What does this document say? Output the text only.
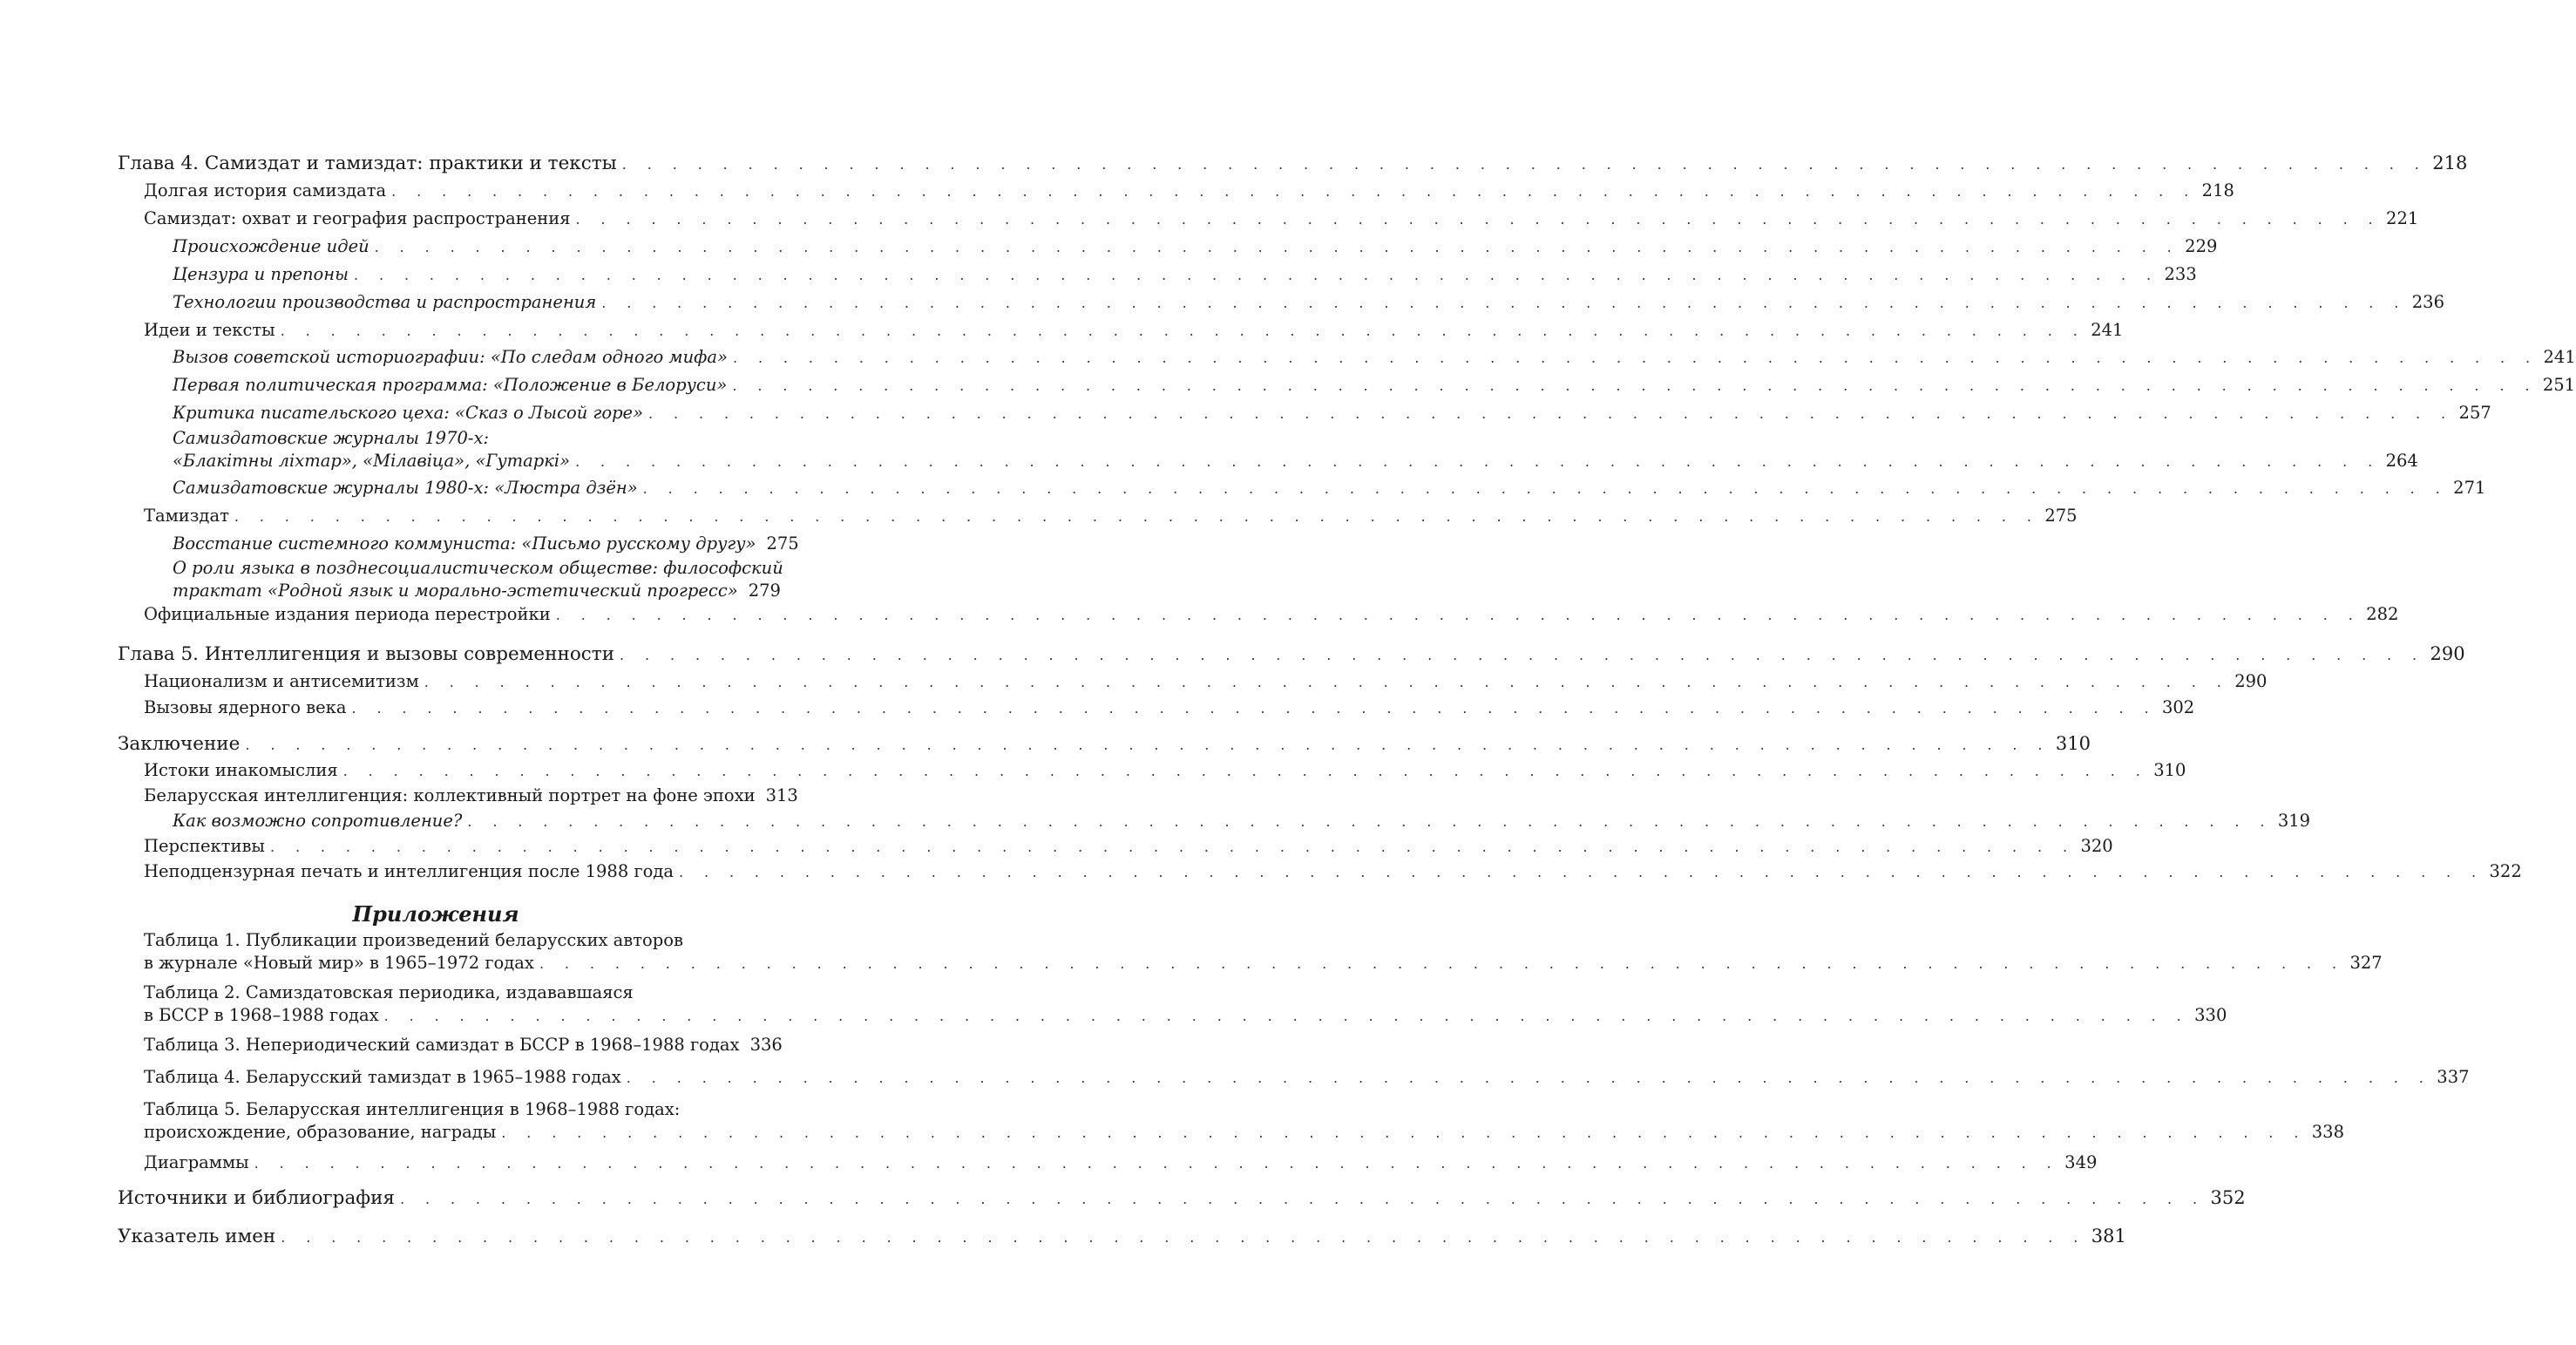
Глава 4. Самиздат и тамиздат: практики и тексты . . . . . . . . . . . . . . . . . . . . . . . . . . . . . . . . . . . . . . . . . . . . . . . . . . . . . . . . . . . . . . . . . . . . . . . . 218
Долгая история самиздата . . . . . . . . . . . . . . . . . . . . . . . . . . . . . . . . . . . . . . . . . . . . . . . . . . . . . . . . . . . . . . . . . . . . . . . . 218
Самиздат: охват и география распространения . . . . . . . . . . . . . . . . . . . . . . . . . . . . . . . . . . . . . . . . . . . . . . . . . . . . . . . . . . . . . . . . . . . . . . . . 221
Происхождение идей . . . . . . . . . . . . . . . . . . . . . . . . . . . . . . . . . . . . . . . . . . . . . . . . . . . . . . . . . . . . . . . . . . . . . . . . 229
Цензура и препоны . . . . . . . . . . . . . . . . . . . . . . . . . . . . . . . . . . . . . . . . . . . . . . . . . . . . . . . . . . . . . . . . . . . . . . . . 233
Технологии производства и распространения . . . . . . . . . . . . . . . . . . . . . . . . . . . . . . . . . . . . . . . . . . . . . . . . . . . . . . . . . . . . . . . . . . . . . . . . 236
Идеи и тексты . . . . . . . . . . . . . . . . . . . . . . . . . . . . . . . . . . . . . . . . . . . . . . . . . . . . . . . . . . . . . . . . . . . . . . . . 241
Вызов советской историографии: «По следам одного мифа» . . . . . . . . . . . . . . . . . . . . . . . . . . . . . . . . . . . . . . . . . . . . . . . . . . . . . . . . . . . . . . . . . . . . . . . . 241
Первая политическая программа: «Положение в Белоруси» . . . . . . . . . . . . . . . . . . . . . . . . . . . . . . . . . . . . . . . . . . . . . . . . . . . . . . . . . . . . . . . . . . . . . . . . 251
Критика писательского цеха: «Сказ о Лысой горе» . . . . . . . . . . . . . . . . . . . . . . . . . . . . . . . . . . . . . . . . . . . . . . . . . . . . . . . . . . . . . . . . . . . . . . . . 257
Самиздатовские журналы 1970-х:
«Блакітны ліхтар», «Мілавіца», «Гутаркі» . . . . . . . . . . . . . . . . . . . . . . . . . . . . . . . . . . . . . . . . . . . . . . . . . . . . . . . . . . . . . . . . . . . . . . . . 264
Самиздатовские журналы 1980-х: «Люстра дзён» . . . . . . . . . . . . . . . . . . . . . . . . . . . . . . . . . . . . . . . . . . . . . . . . . . . . . . . . . . . . . . . . . . . . . . . . 271
Тамиздат . . . . . . . . . . . . . . . . . . . . . . . . . . . . . . . . . . . . . . . . . . . . . . . . . . . . . . . . . . . . . . . . . . . . . . . . 275
Восстание системного коммуниста: «Письмо русскому другу» 275
О роли языка в позднесоциалистическом обществе: философский
трактат «Родной язык и морально-эстетический прогресс» 279
Официальные издания периода перестройки . . . . . . . . . . . . . . . . . . . . . . . . . . . . . . . . . . . . . . . . . . . . . . . . . . . . . . . . . . . . . . . . . . . . . . . . 282
Глава 5. Интеллигенция и вызовы современности . . . . . . . . . . . . . . . . . . . . . . . . . . . . . . . . . . . . . . . . . . . . . . . . . . . . . . . . . . . . . . . . . . . . . . . . 290
Национализм и антисемитизм . . . . . . . . . . . . . . . . . . . . . . . . . . . . . . . . . . . . . . . . . . . . . . . . . . . . . . . . . . . . . . . . . . . . . . . . 290
Вызовы ядерного века . . . . . . . . . . . . . . . . . . . . . . . . . . . . . . . . . . . . . . . . . . . . . . . . . . . . . . . . . . . . . . . . . . . . . . . . 302
Заключение . . . . . . . . . . . . . . . . . . . . . . . . . . . . . . . . . . . . . . . . . . . . . . . . . . . . . . . . . . . . . . . . . . . . . . . . 310
Истоки инакомыслия . . . . . . . . . . . . . . . . . . . . . . . . . . . . . . . . . . . . . . . . . . . . . . . . . . . . . . . . . . . . . . . . . . . . . . . . 310
Беларусская интеллигенция: коллективный портрет на фоне эпохи 313
Как возможно сопротивление? . . . . . . . . . . . . . . . . . . . . . . . . . . . . . . . . . . . . . . . . . . . . . . . . . . . . . . . . . . . . . . . . . . . . . . . . 319
Перспективы . . . . . . . . . . . . . . . . . . . . . . . . . . . . . . . . . . . . . . . . . . . . . . . . . . . . . . . . . . . . . . . . . . . . . . . . 320
Неподцензурная печать и интеллигенция после 1988 года . . . . . . . . . . . . . . . . . . . . . . . . . . . . . . . . . . . . . . . . . . . . . . . . . . . . . . . . . . . . . . . . . . . . . . . . 322
Приложения
Таблица 1. Публикации произведений беларусских авторов
в журнале «Новый мир» в 1965–1972 годах . . . . . . . . . . . . . . . . . . . . . . . . . . . . . . . . . . . . . . . . . . . . . . . . . . . . . . . . . . . . . . . . . . . . . . . . 327
Таблица 2. Самиздатовская периодика, издававшаяся
в БССР в 1968–1988 годах . . . . . . . . . . . . . . . . . . . . . . . . . . . . . . . . . . . . . . . . . . . . . . . . . . . . . . . . . . . . . . . . . . . . . . . . 330
Таблица 3. Непериодический самиздат в БССР в 1968–1988 годах 336
Таблица 4. Беларусский тамиздат в 1965–1988 годах . . . . . . . . . . . . . . . . . . . . . . . . . . . . . . . . . . . . . . . . . . . . . . . . . . . . . . . . . . . . . . . . . . . . . . . . 337
Таблица 5. Беларусская интеллигенция в 1968–1988 годах:
происхождение, образование, награды . . . . . . . . . . . . . . . . . . . . . . . . . . . . . . . . . . . . . . . . . . . . . . . . . . . . . . . . . . . . . . . . . . . . . . . . 338
Диаграммы . . . . . . . . . . . . . . . . . . . . . . . . . . . . . . . . . . . . . . . . . . . . . . . . . . . . . . . . . . . . . . . . . . . . . . . . 349
Источники и библиография . . . . . . . . . . . . . . . . . . . . . . . . . . . . . . . . . . . . . . . . . . . . . . . . . . . . . . . . . . . . . . . . . . . . . . . . 352
Указатель имен . . . . . . . . . . . . . . . . . . . . . . . . . . . . . . . . . . . . . . . . . . . . . . . . . . . . . . . . . . . . . . . . . . . . . . . . 381
